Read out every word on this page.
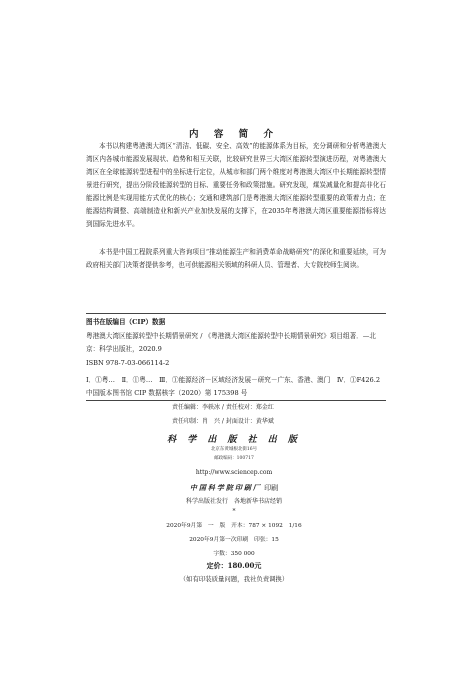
内 容 简 介

本书以构建粤港澳大湾区“清洁、低碳、安全、高效”的能源体系为目标，充分调研和分析粤港澳大湾区内各城市能源发展现状、趋势和相互关联，比较研究世界三大湾区能源转型演进历程，对粤港澳大湾区在全球能源转型进程中的坐标进行定位，从城市和部门两个维度对粤港澳大湾区中长期能源转型情景进行研究，提出分阶段能源转型的目标、重要任务和政策措施。研究发现，煤炭减量化和提高非化石能源比例是实现用能方式优化的核心；交通和建筑部门是粤港澳大湾区能源转型重要的政策着力点；在能源结构调整、高端制造业和新兴产业加快发展的支撑下，在2035年粤港澳大湾区重要能源指标将达到国际先进水平。

本书是中国工程院系列重大咨询项目“推动能源生产和消费革命战略研究”的深化和重要延续，可为政府相关部门决策者提供参考，也可供能源相关领域的科研人员、管理者、大专院校师生阅读。

图书在版编目（CIP）数据

粤港澳大湾区能源转型中长期情景研究 / 《粤港澳大湾区能源转型中长期情景研究》项目组著．—北京：科学出版社，2020.9

ISBN 978-7-03-066114-2
Ⅰ．①粤…　Ⅱ．①粤…　Ⅲ．①能源经济－区域经济发展－研究－广东、香港、澳门　Ⅳ．①F426.2
中国版本图书馆 CIP 数据核字（2020）第 175398 号
责任编辑：李轶冰 / 责任校对：郑金红
责任印制：肖　兴 / 封面设计：黄华斌
科 学 出 版 社 出 版
北京东黄城根北街16号
邮政编码：100717
http://www.sciencep.com
中国科学院印刷厂 印刷
科学出版社发行　各地新华书店经销
*
2020年9月第　一　版　开本：787 × 1092　1/16
2020年9月第一次印刷　印张：15
字数：350 000
定价：180.00元
（如有印装质量问题，我社负责调换）
